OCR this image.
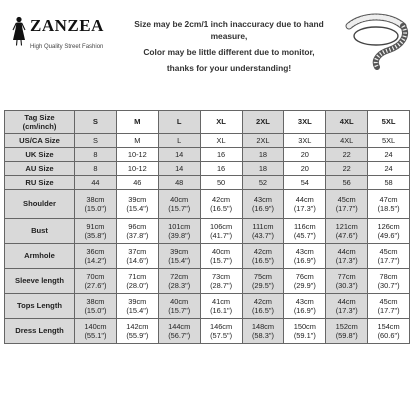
ZANZEA
High Quality Street Fashion

Size may be 2cm/1 inch inaccuracy due to hand measure,

Color may be little different due to monitor,

thanks for your understanding!

Tag Size
(cm/inch)	S	M	L	XL	2XL	3XL	4XL	5XL
US/CA Size	S	M	L	XL	2XL	3XL	4XL	5XL
UK Size	8	10-12	14	16	18	20	22	24
AU Size	8	10-12	14	16	18	20	22	24
RU Size	44	46	48	50	52	54	56	58
Shoulder	38cm
(15.0")	39cm
(15.4")	40cm
(15.7")	42cm
(16.5")	43cm
(16.9")	44cm
(17.3")	45cm
(17.7")	47cm
(18.5")

Bust	91cm
(35.8")	96cm
(37.8")	101cm
(39.8")	106cm
(41.7")	111cm
(43.7")	116cm
(45.7")	121cm
(47.6")	126cm
(49.6")

Armhole	36cm
(14.2")	37cm
(14.6")	39cm
(15.4")	40cm
(15.7")	42cm
(16.5")	43cm
(16.9")	44cm
(17.3")	45cm
(17.7")

Sleeve length	70cm
(27.6")	71cm
(28.0")	72cm
(28.3")	73cm
(28.7")	75cm
(29.5")	76cm
(29.9")	77cm
(30.3")	78cm
(30.7")

Tops Length	38cm
(15.0")	39cm
(15.4")	40cm
(15.7")	41cm
(16.1")	42cm
(16.5")	43cm
(16.9")	44cm
(17.3")	45cm
(17.7")

Dress Length	140cm
(55.1")	142cm
(55.9")	144cm
(56.7")	146cm
(57.5")	148cm
(58.3")	150cm
(59.1")	152cm
(59.8")	154cm
(60.6")
